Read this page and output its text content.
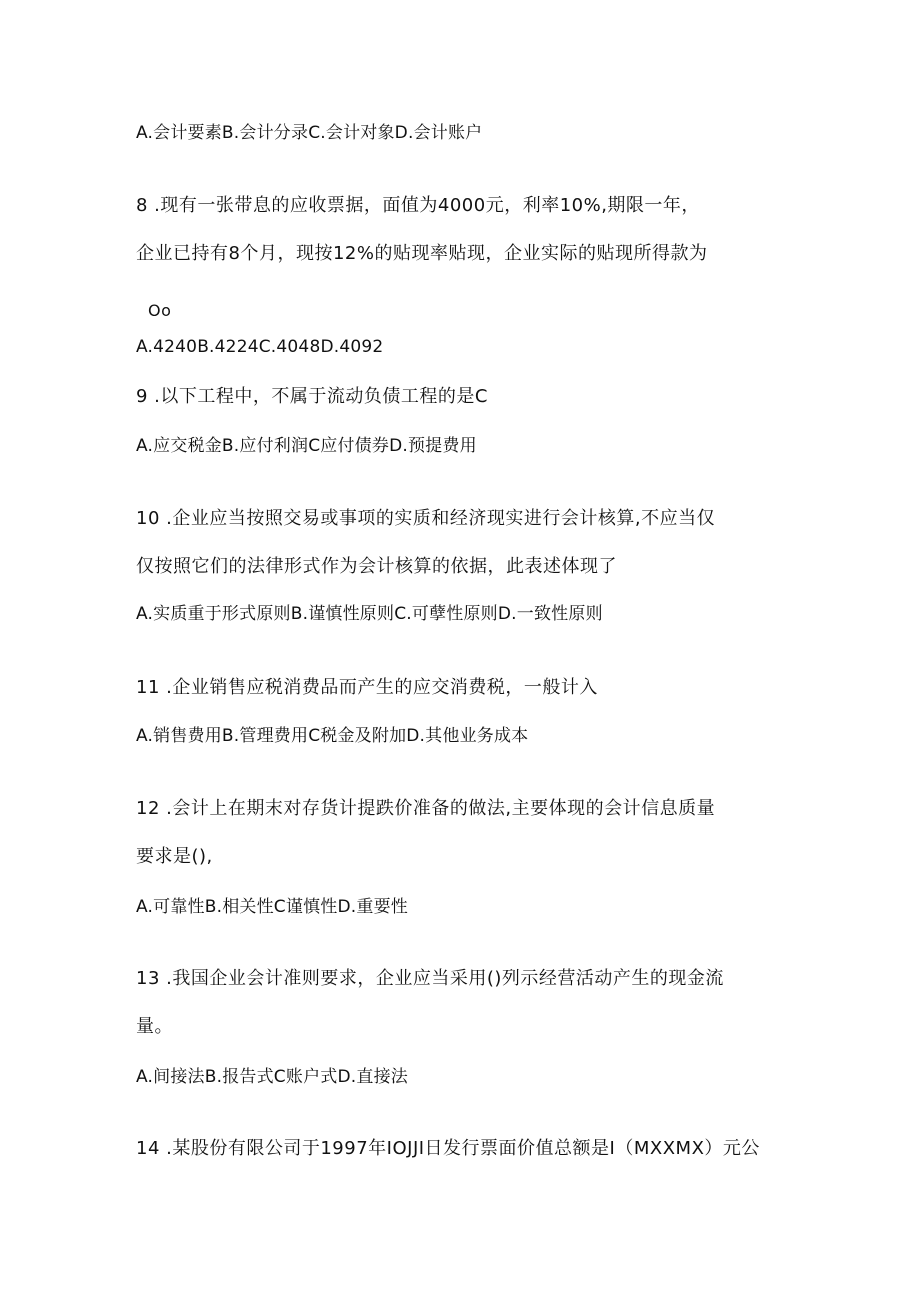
A.会计要素B.会计分录C.会计对象D.会计账户
8 .现有一张带息的应收票据，面值为4000元，利率10%,期限一年，
企业已持有8个月，现按12%的贴现率贴现，企业实际的贴现所得款为
Oo
A.4240B.4224C.4048D.4092
9 .以下工程中，不属于流动负债工程的是C
A.应交税金B.应付利润C应付债券D.预提费用
10 .企业应当按照交易或事项的实质和经济现实进行会计核算,不应当仅
仅按照它们的法律形式作为会计核算的依据，此表述体现了
A.实质重于形式原则B.谨慎性原则C.可孽性原则D.一致性原则
11 .企业销售应税消费品而产生的应交消费税，一般计入
A.销售费用B.管理费用C税金及附加D.其他业务成本
12 .会计上在期末对存货计提跌价准备的做法,主要体现的会计信息质量
要求是(),
A.可靠性B.相关性C谨慎性D.重要性
13 .我国企业会计准则要求，企业应当采用()列示经营活动产生的现金流
量。
A.间接法B.报告式C账户式D.直接法
14 .某股份有限公司于1997年IOJJI日发行票面价值总额是I（MXXMX）元公
